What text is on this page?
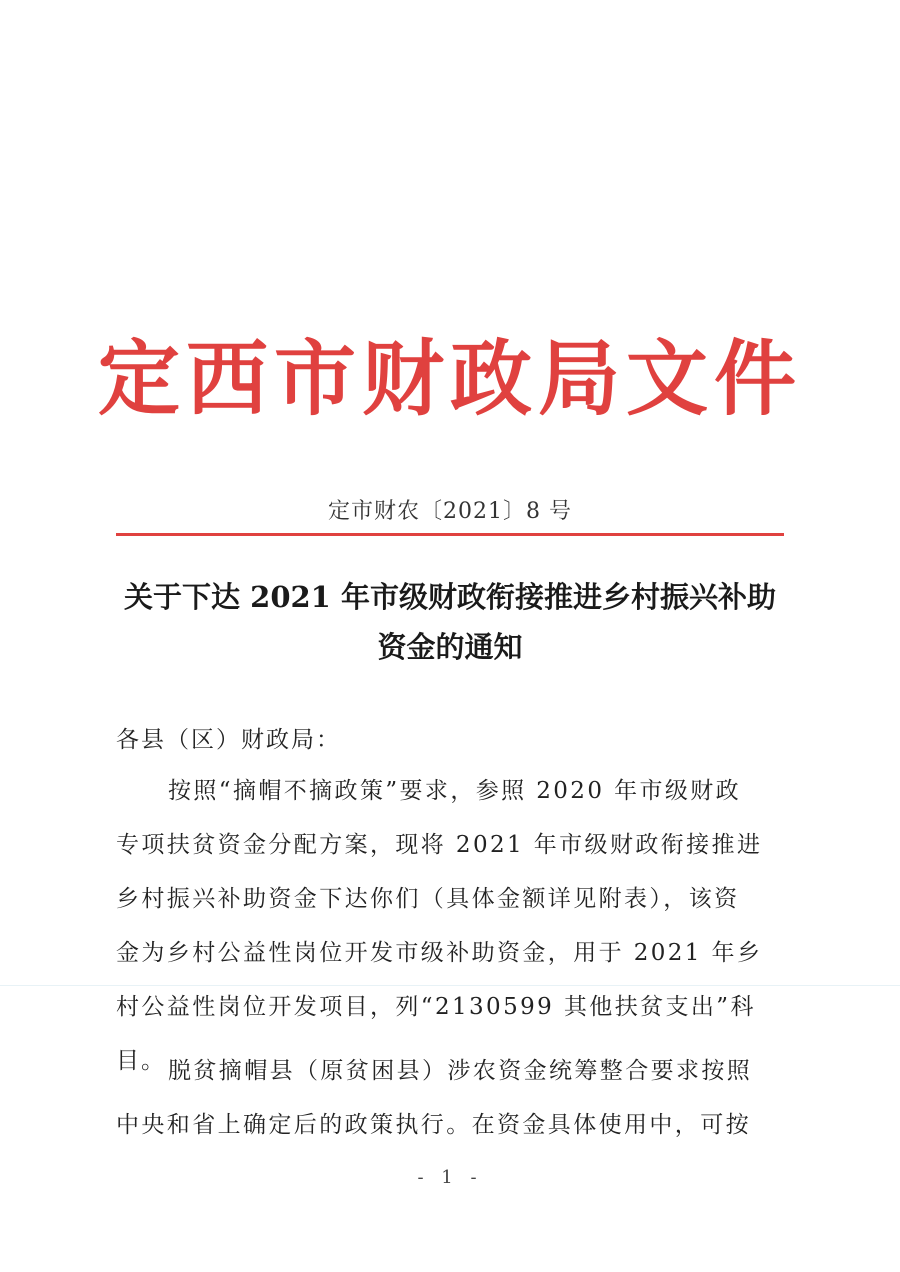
定西市财政局文件
定市财农〔2021〕8 号
关于下达 2021 年市级财政衔接推进乡村振兴补助
资金的通知
各县（区）财政局：
按照“摘帽不摘政策”要求，参照 2020 年市级财政
专项扶贫资金分配方案，现将 2021 年市级财政衔接推进
乡村振兴补助资金下达你们（具体金额详见附表），该资
金为乡村公益性岗位开发市级补助资金，用于 2021 年乡
村公益性岗位开发项目，列“2130599 其他扶贫支出”科
目。 脱贫摘帽县（原贫困县）涉农资金统筹整合要求按照
中央和省上确定后的政策执行。在资金具体使用中，可按
- 1 -
